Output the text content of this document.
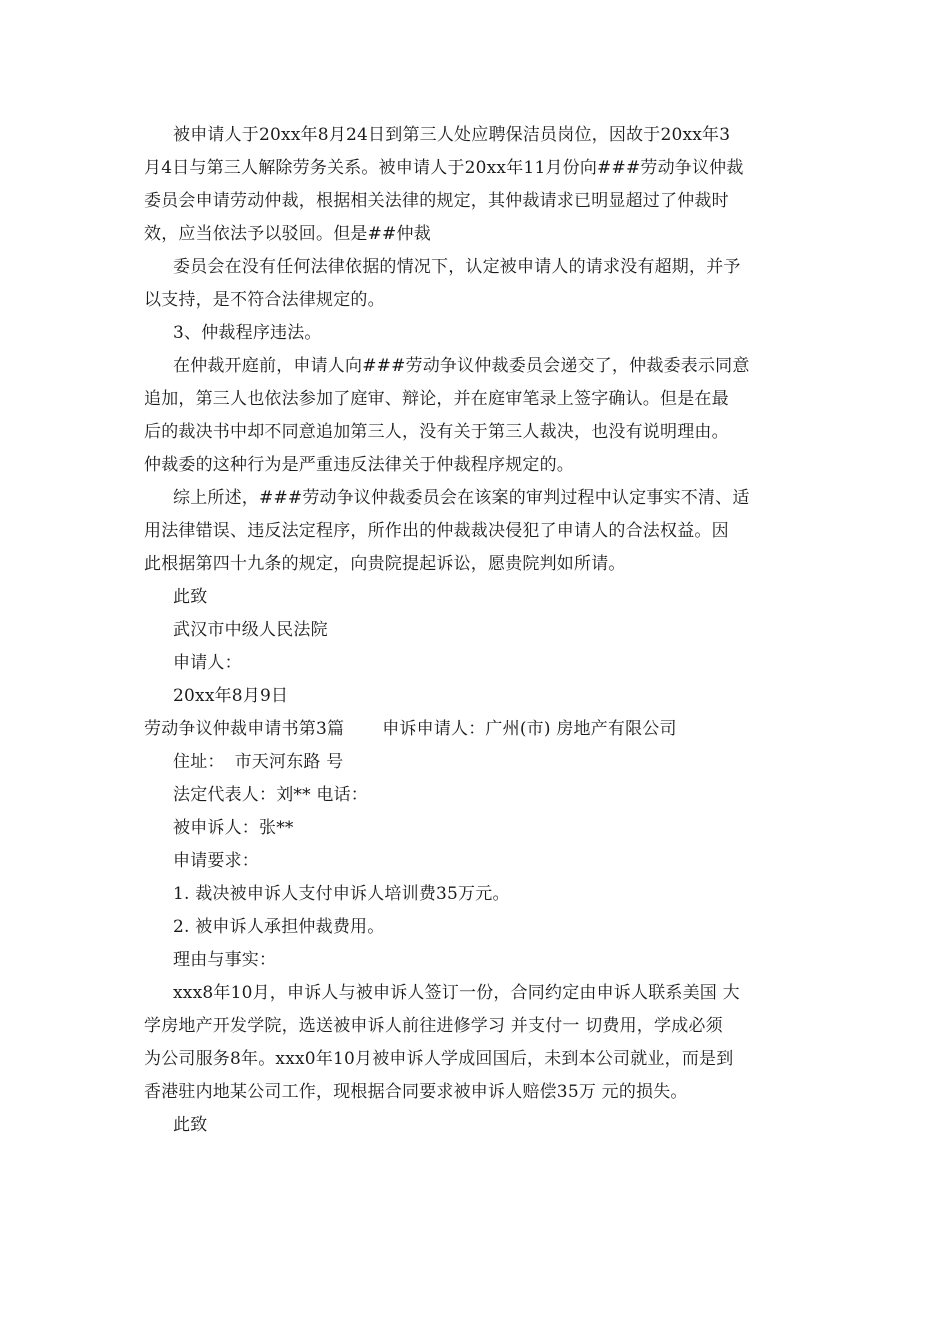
被申请人于20xx年8月24日到第三人处应聘保洁员岗位，因故于20xx年3
月4日与第三人解除劳务关系。被申请人于20xx年11月份向###劳动争议仲裁
委员会申请劳动仲裁，根据相关法律的规定，其仲裁请求已明显超过了仲裁时
效，应当依法予以驳回。但是##仲裁
委员会在没有任何法律依据的情况下，认定被申请人的请求没有超期，并予
以支持，是不符合法律规定的。
3、仲裁程序违法。
在仲裁开庭前，申请人向###劳动争议仲裁委员会递交了，仲裁委表示同意
追加，第三人也依法参加了庭审、辩论，并在庭审笔录上签字确认。但是在最
后的裁决书中却不同意追加第三人，没有关于第三人裁决，也没有说明理由。
仲裁委的这种行为是严重违反法律关于仲裁程序规定的。
综上所述，###劳动争议仲裁委员会在该案的审判过程中认定事实不清、适
用法律错误、违反法定程序，所作出的仲裁裁决侵犯了申请人的合法权益。因
此根据第四十九条的规定，向贵院提起诉讼，愿贵院判如所请。
此致
武汉市中级人民法院
申请人：
20xx年8月9日
劳动争议仲裁申请书第3篇 申诉申请人：广州(市) 房地产有限公司
住址： 市天河东路 号
法定代表人：刘** 电话：
被申诉人：张**
申请要求：
1. 裁决被申诉人支付申诉人培训费35万元。
2. 被申诉人承担仲裁费用。
理由与事实：
xxx8年10月，申诉人与被申诉人签订一份，合同约定由申诉人联系美国 大
学房地产开发学院，选送被申诉人前往进修学习 并支付一 切费用，学成必须
为公司服务8年。xxx0年10月被申诉人学成回国后，未到本公司就业，而是到
香港驻内地某公司工作，现根据合同要求被申诉人赔偿35万 元的损失。
此致
